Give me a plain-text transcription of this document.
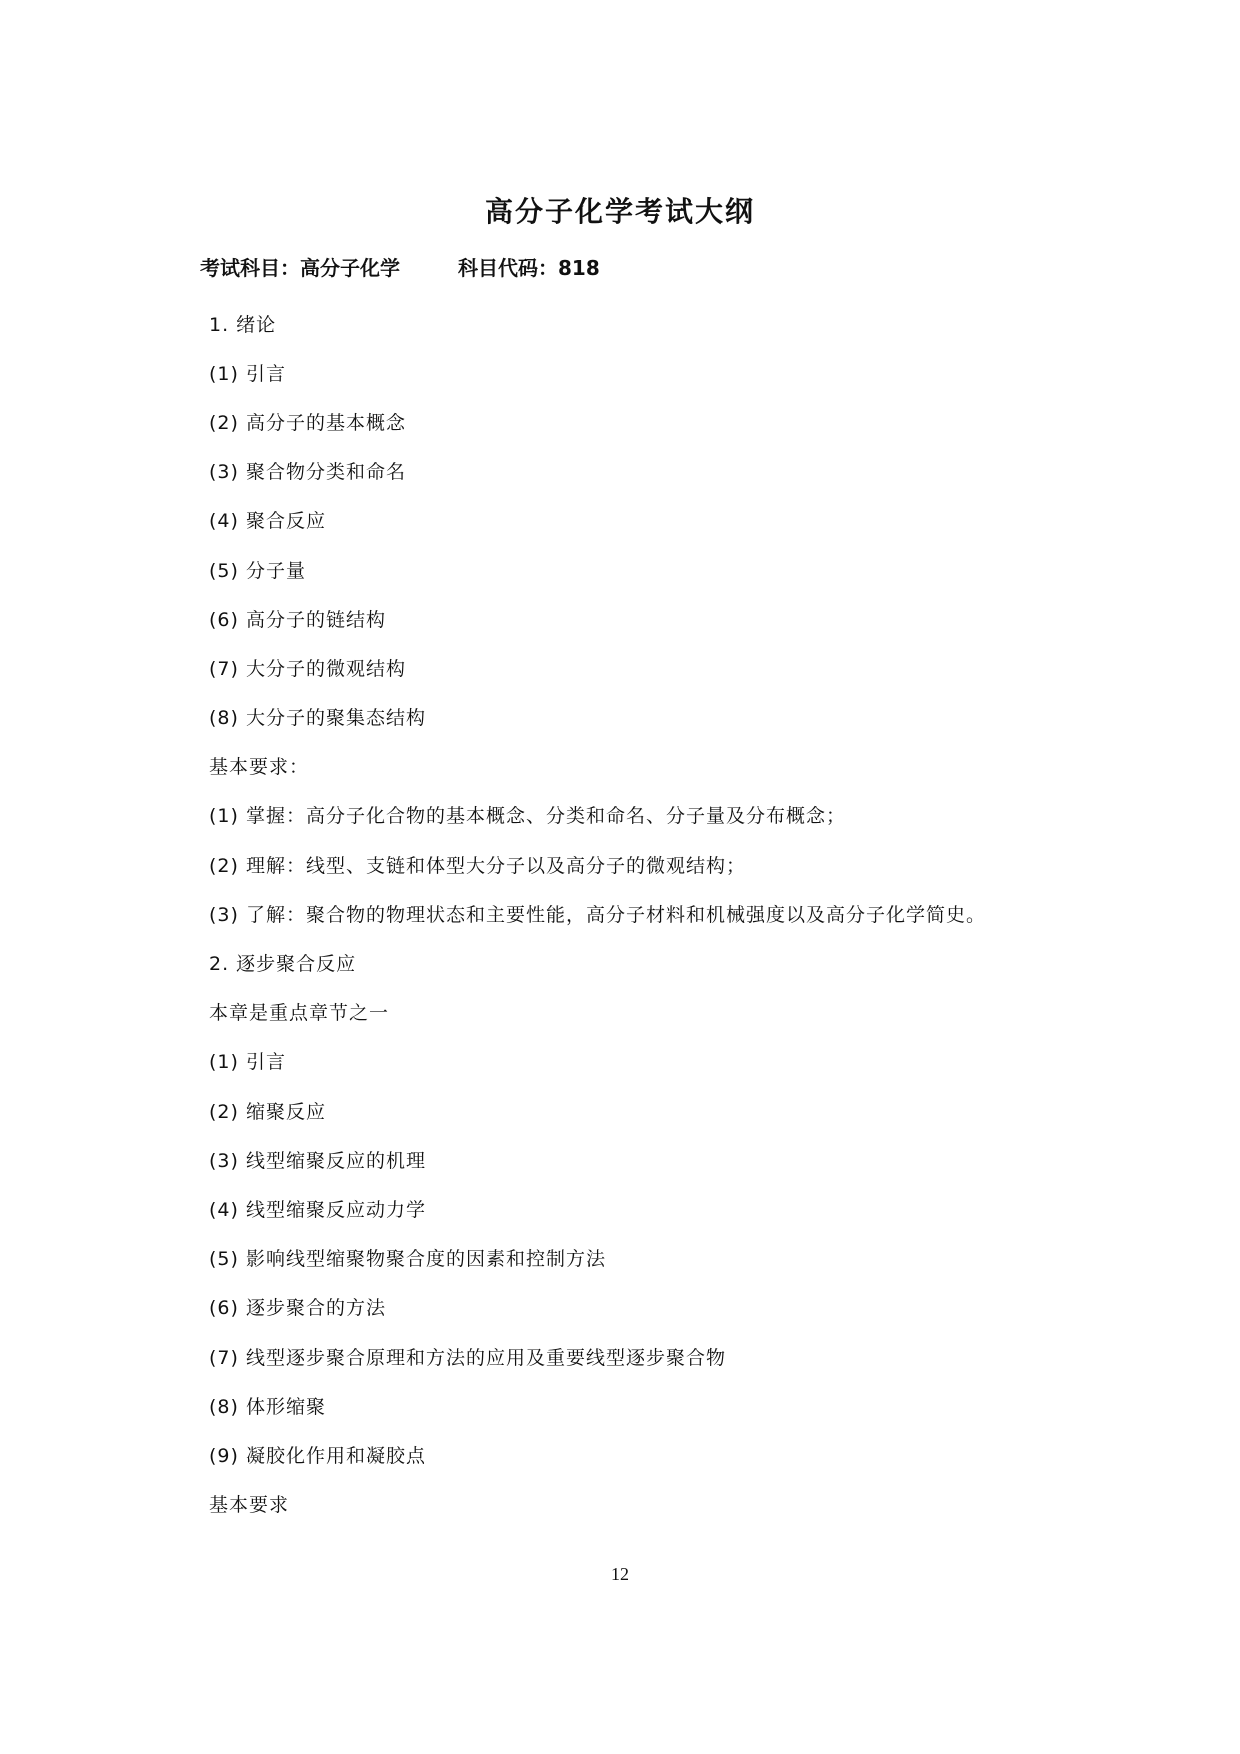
高分子化学考试大纲
考试科目：高分子化学	科目代码：818
1. 绪论
(1) 引言
(2) 高分子的基本概念
(3) 聚合物分类和命名
(4) 聚合反应
(5) 分子量
(6) 高分子的链结构
(7) 大分子的微观结构
(8) 大分子的聚集态结构
基本要求：
(1) 掌握：高分子化合物的基本概念、分类和命名、分子量及分布概念；
(2) 理解：线型、支链和体型大分子以及高分子的微观结构；
(3) 了解：聚合物的物理状态和主要性能，高分子材料和机械强度以及高分子化学简史。
2. 逐步聚合反应
本章是重点章节之一
(1) 引言
(2) 缩聚反应
(3) 线型缩聚反应的机理
(4) 线型缩聚反应动力学
(5) 影响线型缩聚物聚合度的因素和控制方法
(6) 逐步聚合的方法
(7) 线型逐步聚合原理和方法的应用及重要线型逐步聚合物
(8) 体形缩聚
(9) 凝胶化作用和凝胶点
基本要求
12
